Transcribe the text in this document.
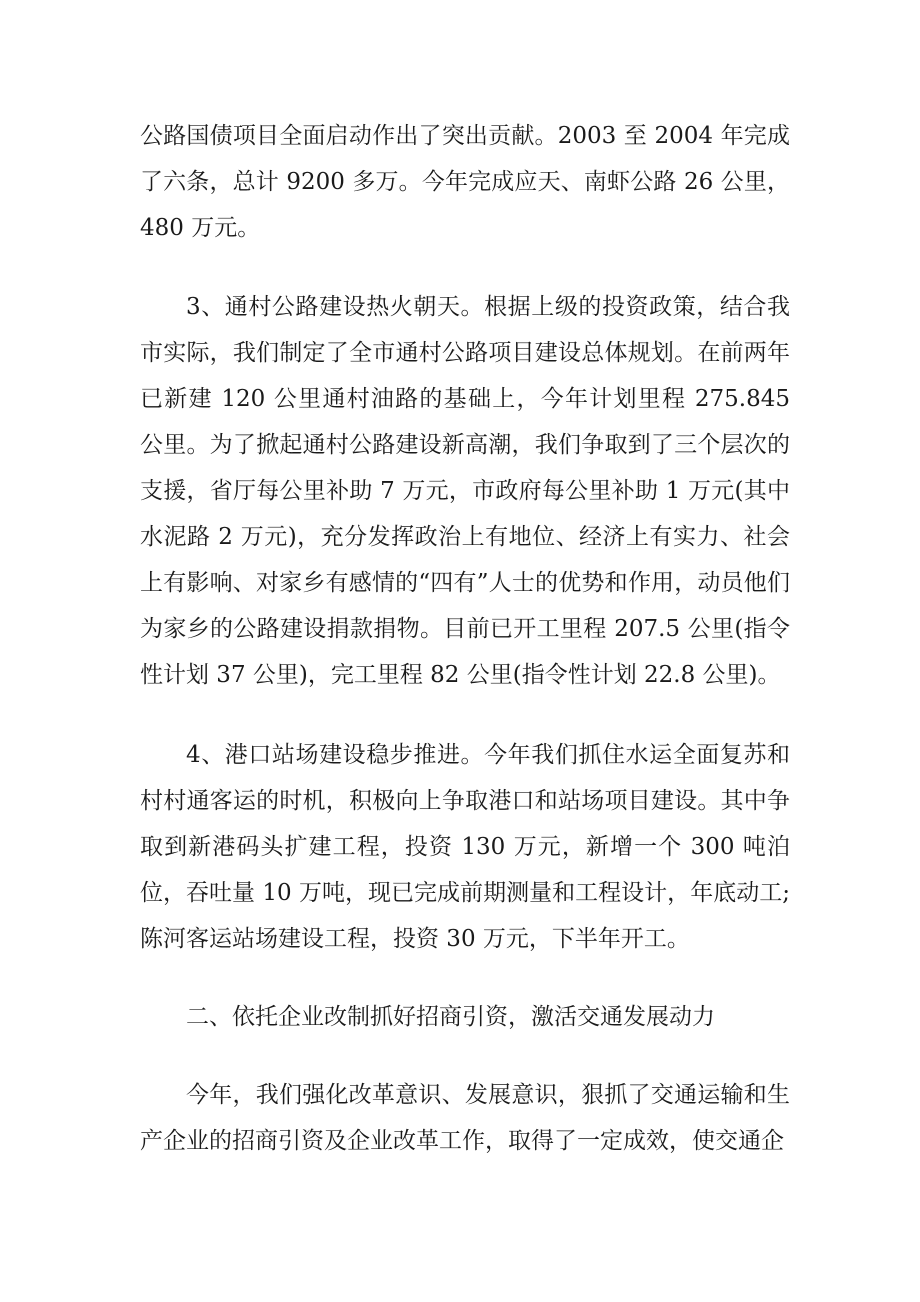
公路国债项目全面启动作出了突出贡献。2003 至 2004 年完成了六条，总计 9200 多万。今年完成应天、南虾公路 26 公里，480 万元。

3、通村公路建设热火朝天。根据上级的投资政策，结合我市实际，我们制定了全市通村公路项目建设总体规划。在前两年已新建 120 公里通村油路的基础上，今年计划里程 275.845 公里。为了掀起通村公路建设新高潮，我们争取到了三个层次的支援，省厅每公里补助 7 万元，市政府每公里补助 1 万元(其中水泥路 2 万元)，充分发挥政治上有地位、经济上有实力、社会上有影响、对家乡有感情的“四有”人士的优势和作用，动员他们为家乡的公路建设捐款捐物。目前已开工里程 207.5 公里(指令性计划 37 公里)，完工里程 82 公里(指令性计划 22.8 公里)。

4、港口站场建设稳步推进。今年我们抓住水运全面复苏和村村通客运的时机，积极向上争取港口和站场项目建设。其中争取到新港码头扩建工程，投资 130 万元，新增一个 300 吨泊位，吞吐量 10 万吨，现已完成前期测量和工程设计，年底动工;陈河客运站场建设工程，投资 30 万元，下半年开工。

二、依托企业改制抓好招商引资，激活交通发展动力

今年，我们强化改革意识、发展意识，狠抓了交通运输和生产企业的招商引资及企业改革工作，取得了一定成效，使交通企
